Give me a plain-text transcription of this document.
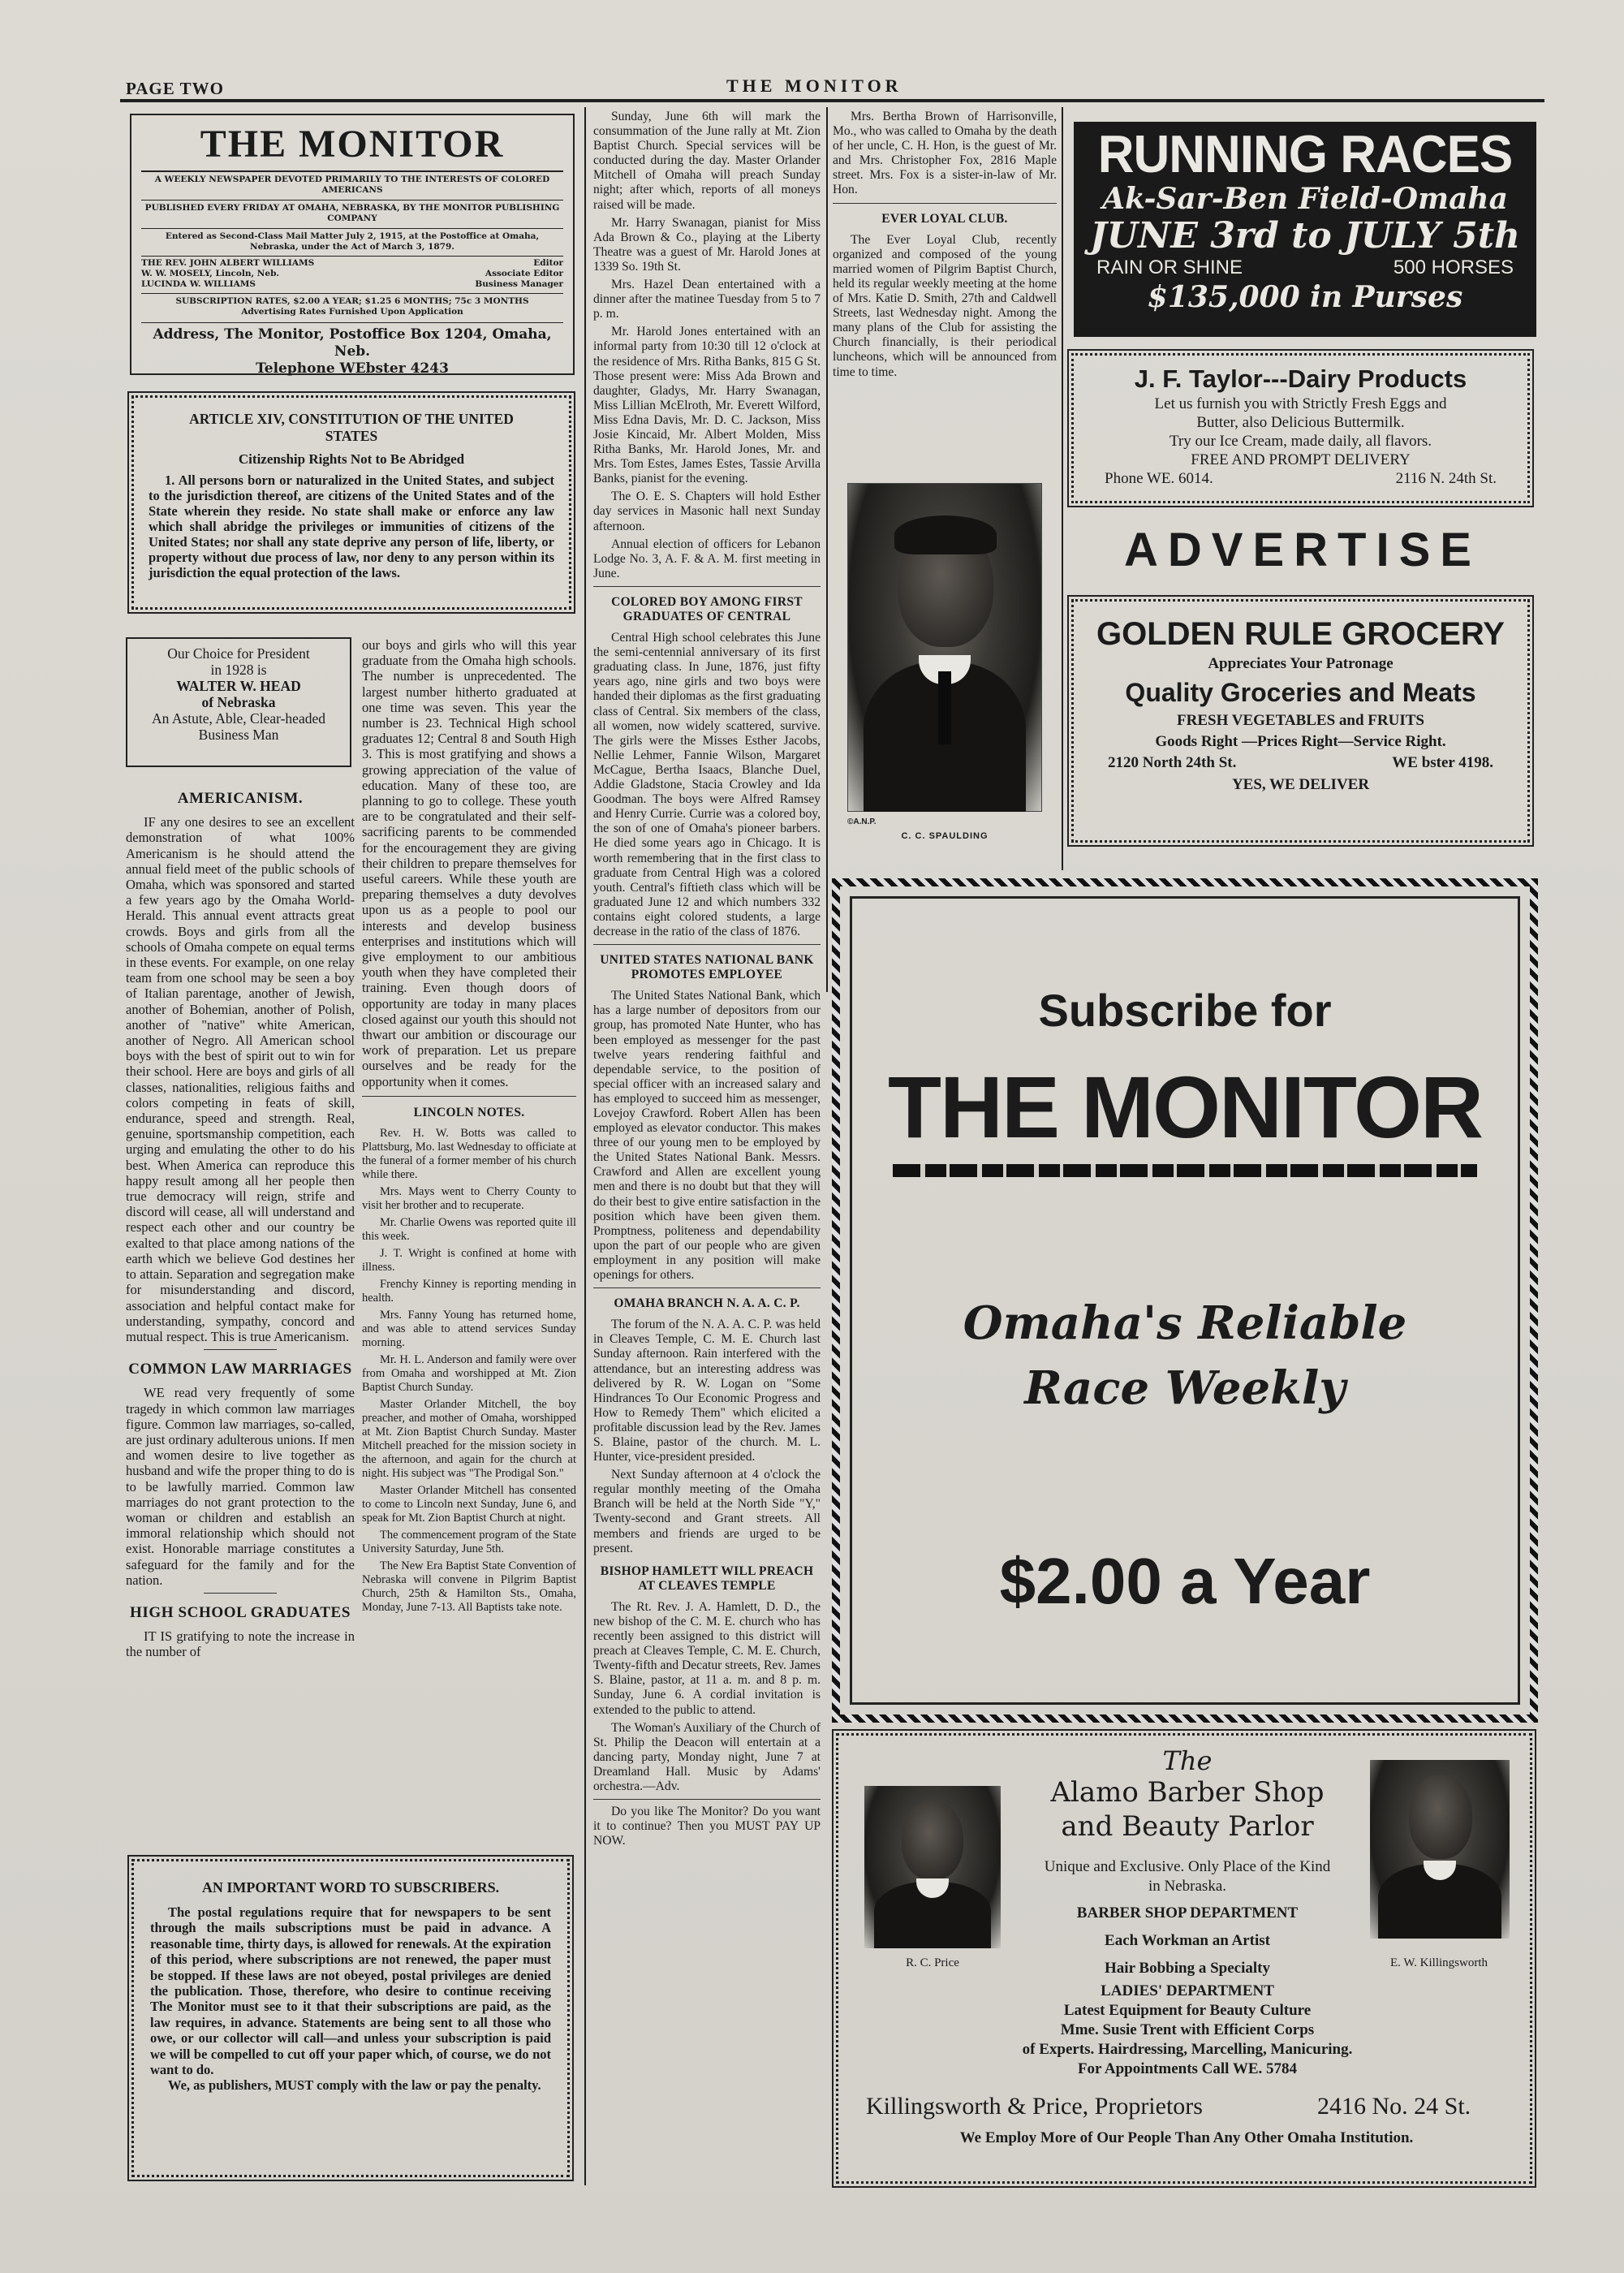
PAGE TWO	THE MONITOR
THE MONITOR
A WEEKLY NEWSPAPER DEVOTED PRIMARILY TO THE INTERESTS OF COLORED AMERICANS
PUBLISHED EVERY FRIDAY AT OMAHA, NEBRASKA, BY THE MONITOR PUBLISHING COMPANY
Entered as Second-Class Mail Matter July 2, 1915, at the Postoffice at Omaha, Nebraska, under the Act of March 3, 1879.
THE REV. JOHN ALBERT WILLIAMS	Editor
W. W. MOSELY, Lincoln, Neb.	Associate Editor
LUCINDA W. WILLIAMS	Business Manager
SUBSCRIPTION RATES, $2.00 A YEAR; $1.25 6 MONTHS; 75c 3 MONTHS
Advertising Rates Furnished Upon Application
Address, The Monitor, Postoffice Box 1204, Omaha, Neb.
Telephone WEbster 4243
ARTICLE XIV, CONSTITUTION OF THE UNITED STATES
Citizenship Rights Not to Be Abridged
1. All persons born or naturalized in the United States, and subject to the jurisdiction thereof, are citizens of the United States and of the State wherein they reside. No state shall make or enforce any law which shall abridge the privileges or immunities of citizens of the United States; nor shall any state deprive any person of life, liberty, or property without due process of law, nor deny to any person within its jurisdiction the equal protection of the laws.
Our Choice for President
in 1928 is
WALTER W. HEAD
of Nebraska
An Astute, Able, Clear-headed Business Man
AMERICANISM.

IF any one desires to see an excellent demonstration of what 100% Americanism is he should attend the annual field meet of the public schools of Omaha, which was sponsored and started a few years ago by the Omaha World-Herald. This annual event attracts great crowds. Boys and girls from all the schools of Omaha compete on equal terms in these events. For example, on one relay team from one school may be seen a boy of Italian parentage, another of Jewish, another of Bohemian, another of Polish, another of "native" white American, another of Negro. All American school boys with the best of spirit out to win for their school. Here are boys and girls of all classes, nationalities, religious faiths and colors competing in feats of skill, endurance, speed and strength. Real, genuine, sportsmanship competition, each urging and emulating the other to do his best. When America can reproduce this happy result among all her people then true democracy will reign, strife and discord will cease, all will understand and respect each other and our country be exalted to that place among nations of the earth which we believe God destines her to attain. Separation and segregation make for misunderstanding and discord, association and helpful contact make for understanding, sympathy, concord and mutual respect. This is true Americanism.

COMMON LAW MARRIAGES

WE read very frequently of some tragedy in which common law marriages figure. Common law marriages, so-called, are just ordinary adulterous unions. If men and women desire to live together as husband and wife the proper thing to do is to be lawfully married. Common law marriages do not grant protection to the woman or children and establish an immoral relationship which should not exist. Honorable marriage constitutes a safeguard for the family and for the nation.

HIGH SCHOOL GRADUATES

IT IS gratifying to note the increase in the number of

our boys and girls who will this year graduate from the Omaha high schools. The number is unprecedented. The largest number hitherto graduated at one time was seven. This year the number is 23. Technical High school graduates 12; Central 8 and South High 3. This is most gratifying and shows a growing appreciation of the value of education. Many of these too, are planning to go to college. These youth are to be congratulated and their self-sacrificing parents to be commended for the encouragement they are giving their children to prepare themselves for useful careers. While these youth are preparing themselves a duty devolves upon us as a people to pool our interests and develop business enterprises and institutions which will give employment to our ambitious youth when they have completed their training. Even though doors of opportunity are today in many places closed against our youth this should not thwart our ambition or discourage our work of preparation. Let us prepare ourselves and be ready for the opportunity when it comes.

LINCOLN NOTES.

Rev. H. W. Botts was called to Plattsburg, Mo. last Wednesday to officiate at the funeral of a former member of his church while there.

Mrs. Mays went to Cherry County to visit her brother and to recuperate.

Mr. Charlie Owens was reported quite ill this week.

J. T. Wright is confined at home with illness.

Frenchy Kinney is reporting mending in health.

Mrs. Fanny Young has returned home, and was able to attend services Sunday morning.

Mr. H. L. Anderson and family were over from Omaha and worshipped at Mt. Zion Baptist Church Sunday.

Master Orlander Mitchell, the boy preacher, and mother of Omaha, worshipped at Mt. Zion Baptist Church Sunday. Master Mitchell preached for the mission society in the afternoon, and again for the church at night. His subject was "The Prodigal Son."

Master Orlander Mitchell has consented to come to Lincoln next Sunday, June 6, and speak for Mt. Zion Baptist Church at night.

The commencement program of the State University Saturday, June 5th.

The New Era Baptist State Convention of Nebraska will convene in Pilgrim Baptist Church, 25th & Hamilton Sts., Omaha, Monday, June 7-13. All Baptists take note.

AN IMPORTANT WORD TO SUBSCRIBERS.
The postal regulations require that for newspapers to be sent through the mails subscriptions must be paid in advance. A reasonable time, thirty days, is allowed for renewals. At the expiration of this period, where subscriptions are not renewed, the paper must be stopped. If these laws are not obeyed, postal privileges are denied the publication. Those, therefore, who desire to continue receiving The Monitor must see to it that their subscriptions are paid, as the law requires, in advance. Statements are being sent to all those who owe, or our collector will call—and unless your subscription is paid we will be compelled to cut off your paper which, of course, we do not want to do.
We, as publishers, MUST comply with the law or pay the penalty.

Sunday, June 6th will mark the consummation of the June rally at Mt. Zion Baptist Church. Special services will be conducted during the day. Master Orlander Mitchell of Omaha will preach Sunday night; after which, reports of all moneys raised will be made.

Mr. Harry Swanagan, pianist for Miss Ada Brown & Co., playing at the Liberty Theatre was a guest of Mr. Harold Jones at 1339 So. 19th St.

Mrs. Hazel Dean entertained with a dinner after the matinee Tuesday from 5 to 7 p. m.

Mr. Harold Jones entertained with an informal party from 10:30 till 12 o'clock at the residence of Mrs. Ritha Banks, 815 G St. Those present were: Miss Ada Brown and daughter, Gladys, Mr. Harry Swanagan, Miss Lillian McElroth, Mr. Everett Wilford, Miss Edna Davis, Mr. D. C. Jackson, Miss Josie Kincaid, Mr. Albert Molden, Miss Ritha Banks, Mr. Harold Jones, Mr. and Mrs. Tom Estes, James Estes, Tassie Arvilla Banks, pianist for the evening.

The O. E. S. Chapters will hold Esther day services in Masonic hall next Sunday afternoon.

Annual election of officers for Lebanon Lodge No. 3, A. F. & A. M. first meeting in June.

COLORED BOY AMONG FIRST GRADUATES OF CENTRAL

Central High school celebrates this June the semi-centennial anniversary of its first graduating class. In June, 1876, just fifty years ago, nine girls and two boys were handed their diplomas as the first graduating class of Central. Six members of the class, all women, now widely scattered, survive. The girls were the Misses Esther Jacobs, Nellie Lehmer, Fannie Wilson, Margaret McCague, Bertha Isaacs, Blanche Duel, Addie Gladstone, Stacia Crowley and Ida Goodman. The boys were Alfred Ramsey and Henry Currie. Currie was a colored boy, the son of one of Omaha's pioneer barbers. He died some years ago in Chicago. It is worth remembering that in the first class to graduate from Central High was a colored youth. Central's fiftieth class which will be graduated June 12 and which numbers 332 contains eight colored students, a large decrease in the ratio of the class of 1876.

UNITED STATES NATIONAL BANK PROMOTES EMPLOYEE

The United States National Bank, which has a large number of depositors from our group, has promoted Nate Hunter, who has been employed as messenger for the past twelve years rendering faithful and dependable service, to the position of special officer with an increased salary and has employed to succeed him as messenger, Lovejoy Crawford. Robert Allen has been employed as elevator conductor. This makes three of our young men to be employed by the United States National Bank. Messrs. Crawford and Allen are excellent young men and there is no doubt but that they will do their best to give entire satisfaction in the position which have been given them. Promptness, politeness and dependability upon the part of our people who are given employment in any position will make openings for others.

OMAHA BRANCH N. A. A. C. P.

The forum of the N. A. A. C. P. was held in Cleaves Temple, C. M. E. Church last Sunday afternoon. Rain interfered with the attendance, but an interesting address was delivered by R. W. Logan on "Some Hindrances To Our Economic Progress and How to Remedy Them" which elicited a profitable discussion lead by the Rev. James S. Blaine, pastor of the church. M. L. Hunter, vice-president presided.

Next Sunday afternoon at 4 o'clock the regular monthly meeting of the Omaha Branch will be held at the North Side "Y," Twenty-second and Grant streets. All members and friends are urged to be present.

BISHOP HAMLETT WILL PREACH AT CLEAVES TEMPLE

The Rt. Rev. J. A. Hamlett, D. D., the new bishop of the C. M. E. church who has recently been assigned to this district will preach at Cleaves Temple, C. M. E. Church, Twenty-fifth and Decatur streets, Rev. James S. Blaine, pastor, at 11 a. m. and 8 p. m. Sunday, June 6. A cordial invitation is extended to the public to attend.

The Woman's Auxiliary of the Church of St. Philip the Deacon will entertain at a dancing party, Monday night, June 7 at Dreamland Hall. Music by Adams' orchestra.—Adv.

Do you like The Monitor? Do you want it to continue? Then you MUST PAY UP NOW.

Mrs. Bertha Brown of Harrisonville, Mo., who was called to Omaha by the death of her uncle, C. H. Hon, is the guest of Mr. and Mrs. Christopher Fox, 2816 Maple street. Mrs. Fox is a sister-in-law of Mr. Hon.

EVER LOYAL CLUB.

The Ever Loyal Club, recently organized and composed of the young married women of Pilgrim Baptist Church, held its regular weekly meeting at the home of Mrs. Katie D. Smith, 27th and Caldwell Streets, last Wednesday night. Among the many plans of the Club for assisting the Church financially, is their periodical luncheons, which will be announced from time to time.

©A.N.P.
C. C. SPAULDING
RUNNING RACES
Ak-Sar-Ben Field-Omaha
JUNE 3rd to JULY 5th
RAIN OR SHINE	500 HORSES
$135,000 in Purses
J. F. Taylor---Dairy Products
Let us furnish you with Strictly Fresh Eggs and
Butter, also Delicious Buttermilk.
Try our Ice Cream, made daily, all flavors.
FREE AND PROMPT DELIVERY
Phone WE. 6014.	2116 N. 24th St.
ADVERTISE
GOLDEN RULE GROCERY
Appreciates Your Patronage
Quality Groceries and Meats
FRESH VEGETABLES and FRUITS
Goods Right —Prices Right—Service Right.
2120 North 24th St.	WE bster 4198.
YES, WE DELIVER
Subscribe for
THE MONITOR
Omaha's Reliable
Race Weekly
$2.00 a Year
The
Alamo Barber Shop
and Beauty Parlor
Unique and Exclusive. Only Place of the Kind in Nebraska.
BARBER SHOP DEPARTMENT
Each Workman an Artist
Hair Bobbing a Specialty
LADIES' DEPARTMENT
Latest Equipment for Beauty Culture
Mme. Susie Trent with Efficient Corps
of Experts. Hairdressing, Marcelling, Manicuring.
For Appointments Call WE. 5784
R. C. Price	E. W. Killingsworth
Killingsworth & Price, Proprietors	2416 No. 24 St.
We Employ More of Our People Than Any Other Omaha Institution.
